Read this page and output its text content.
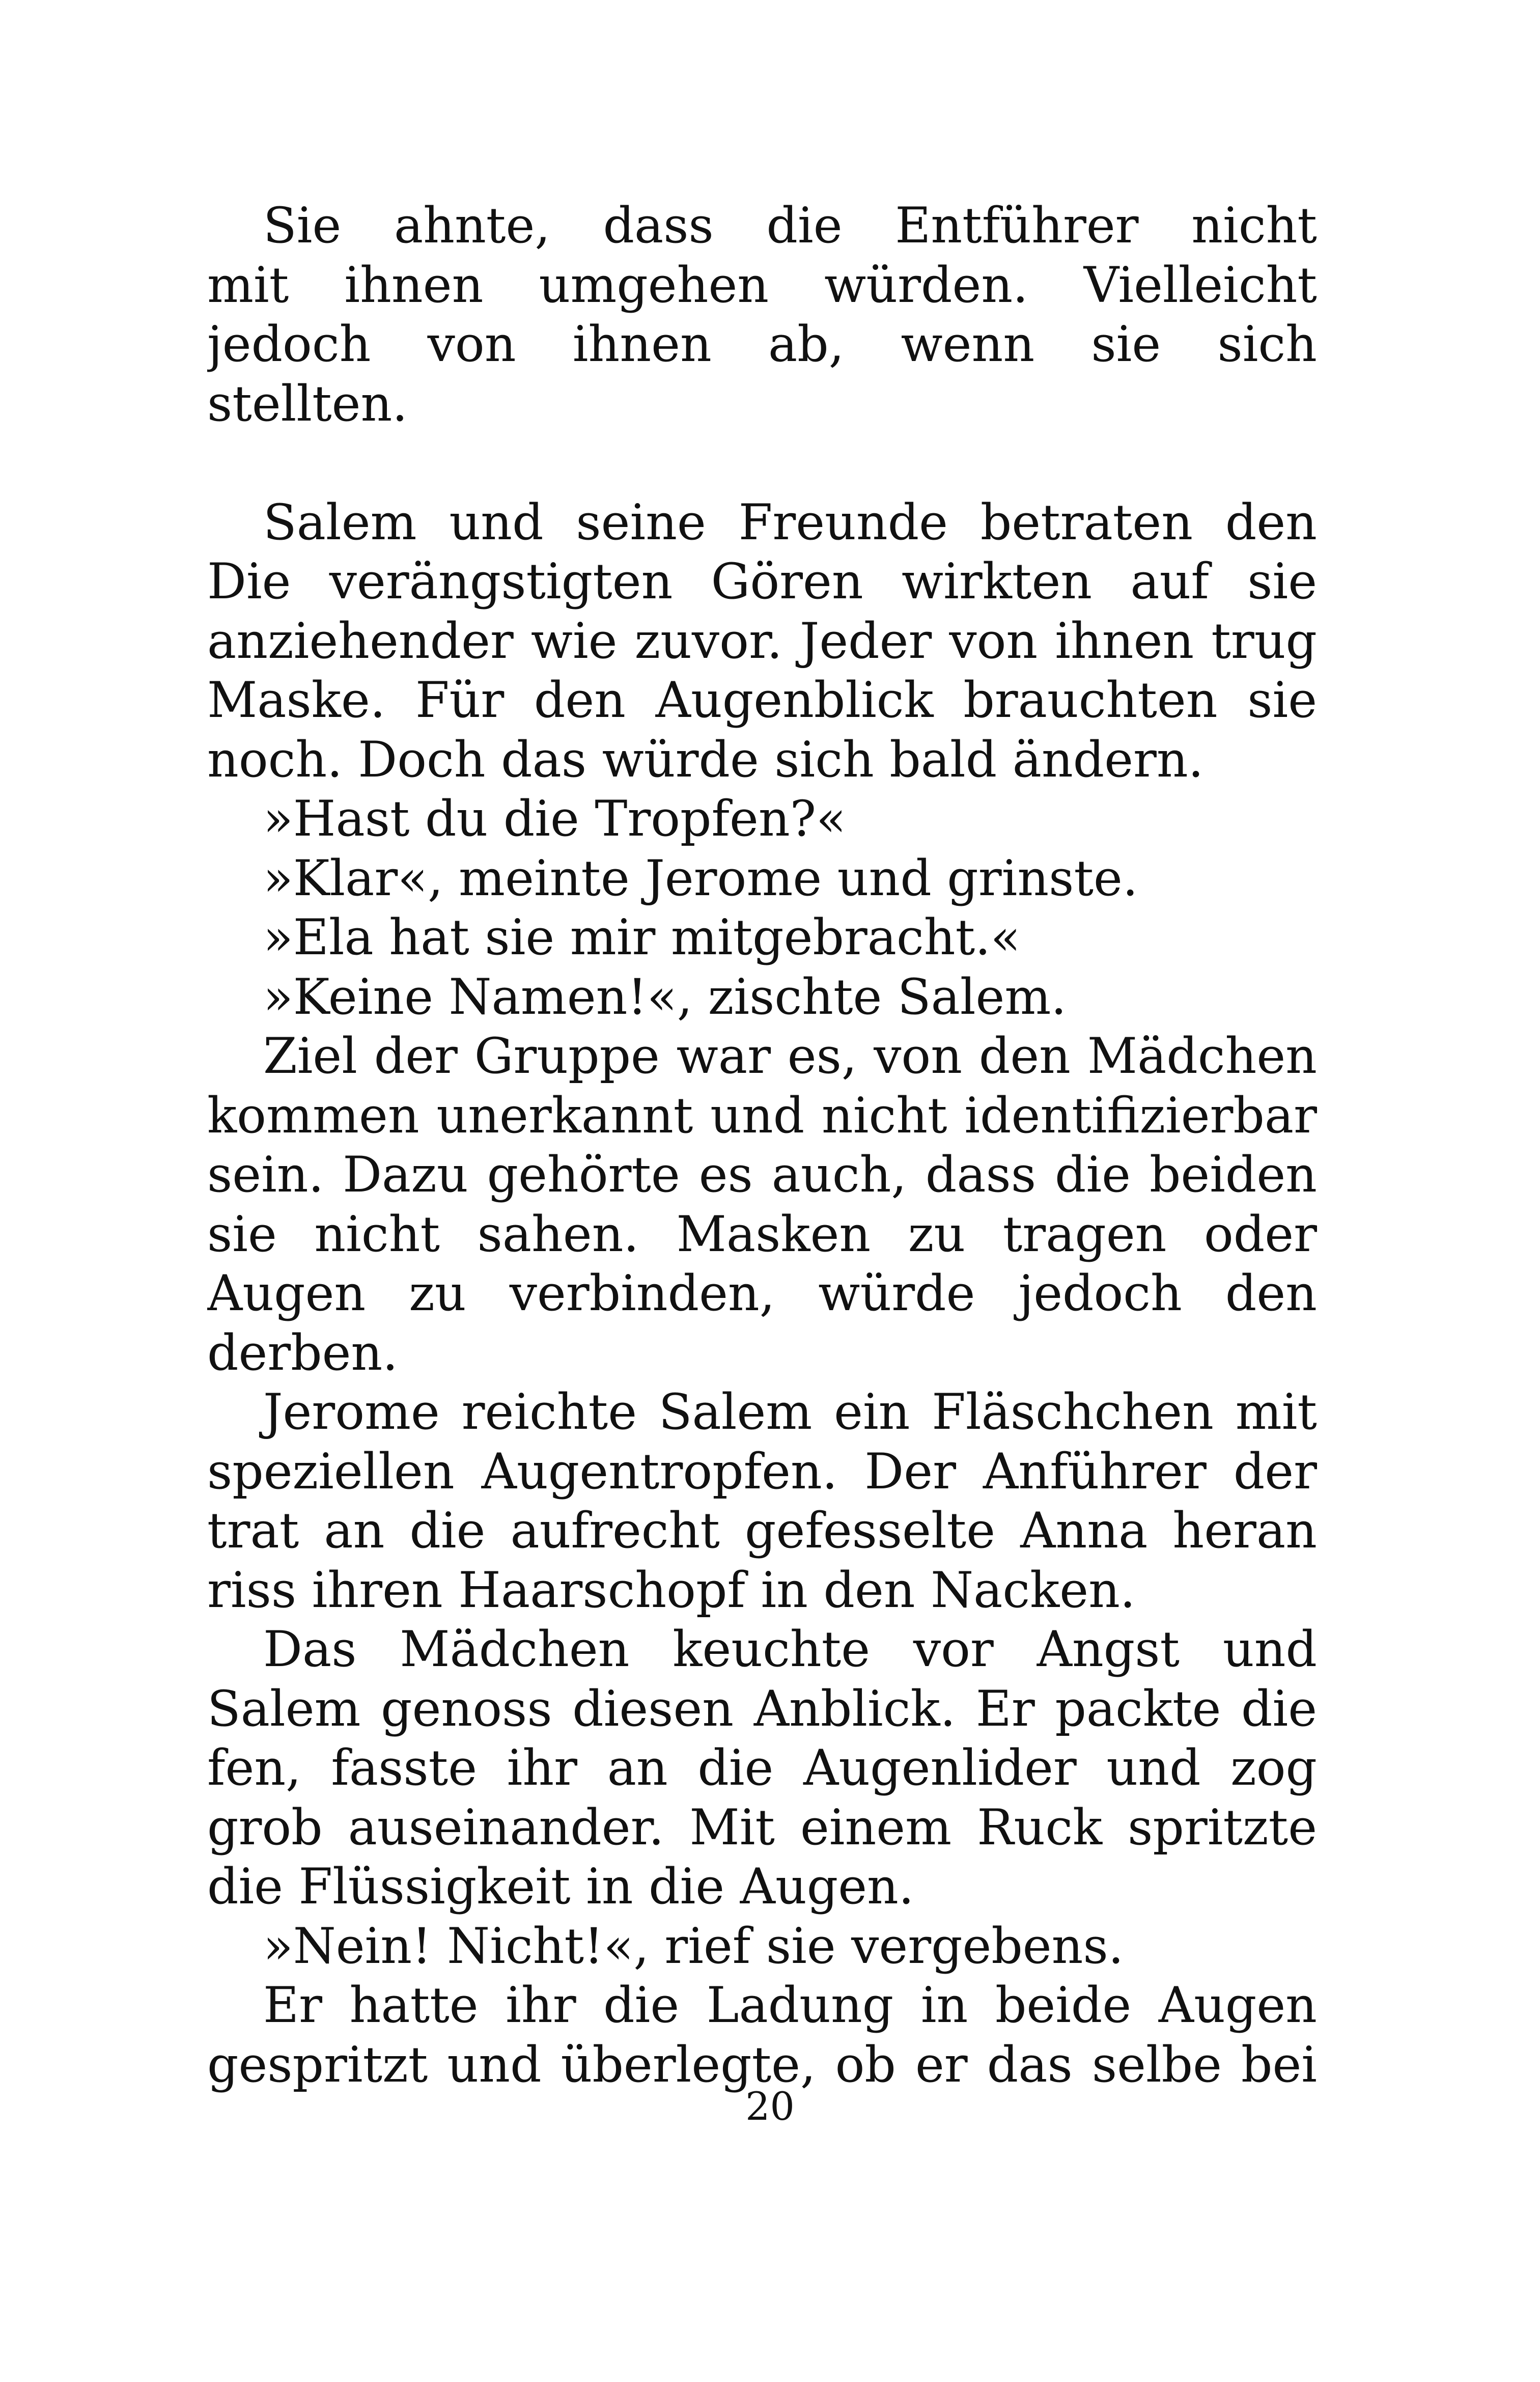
Sie ahnte, dass die Entführer nicht
mit ihnen umgehen würden. Vielleicht
jedoch von ihnen ab, wenn sie sich
stellten.
Salem und seine Freunde betraten den
Die verängstigten Gören wirkten auf sie
anziehender wie zuvor. Jeder von ihnen trug
Maske. Für den Augenblick brauchten sie
noch. Doch das würde sich bald ändern.
»Hast du die Tropfen?«
»Klar«, meinte Jerome und grinste.
»Ela hat sie mir mitgebracht.«
»Keine Namen!«, zischte Salem.
Ziel der Gruppe war es, von den Mädchen
kommen unerkannt und nicht identifizierbar
sein. Dazu gehörte es auch, dass die beiden
sie nicht sahen. Masken zu tragen oder
Augen zu verbinden, würde jedoch den
derben.
Jerome reichte Salem ein Fläschchen mit
speziellen Augentropfen. Der Anführer der
trat an die aufrecht gefesselte Anna heran
riss ihren Haarschopf in den Nacken.
Das Mädchen keuchte vor Angst und
Salem genoss diesen Anblick. Er packte die
fen, fasste ihr an die Augenlider und zog
grob auseinander. Mit einem Ruck spritzte
die Flüssigkeit in die Augen.
»Nein! Nicht!«, rief sie vergebens.
Er hatte ihr die Ladung in beide Augen
gespritzt und überlegte, ob er das selbe bei
20
